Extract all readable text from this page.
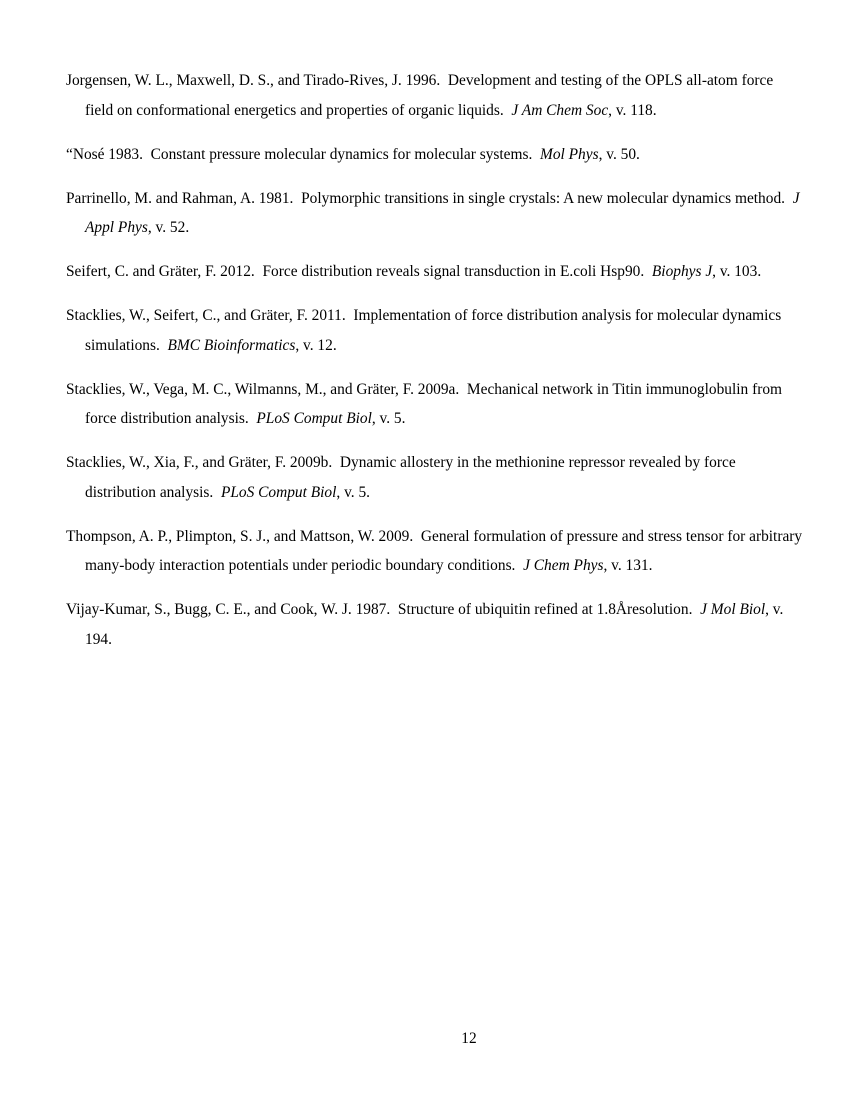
Jorgensen, W. L., Maxwell, D. S., and Tirado-Rives, J. 1996.  Development and testing of the OPLS all-atom force field on conformational energetics and properties of organic liquids.  J Am Chem Soc, v. 118.

“Nosé 1983.  Constant pressure molecular dynamics for molecular systems.  Mol Phys, v. 50.

Parrinello, M. and Rahman, A. 1981.  Polymorphic transitions in single crystals: A new molecular dynamics method.  J Appl Phys, v. 52.

Seifert, C. and Gräter, F. 2012.  Force distribution reveals signal transduction in E.coli Hsp90.  Biophys J, v. 103.

Stacklies, W., Seifert, C., and Gräter, F. 2011.  Implementation of force distribution analysis for molecular dynamics simulations.  BMC Bioinformatics, v. 12.

Stacklies, W., Vega, M. C., Wilmanns, M., and Gräter, F. 2009a.  Mechanical network in Titin immunoglobulin from force distribution analysis.  PLoS Comput Biol, v. 5.

Stacklies, W., Xia, F., and Gräter, F. 2009b.  Dynamic allostery in the methionine repressor revealed by force distribution analysis.  PLoS Comput Biol, v. 5.

Thompson, A. P., Plimpton, S. J., and Mattson, W. 2009.  General formulation of pressure and stress tensor for arbitrary many-body interaction potentials under periodic boundary conditions.  J Chem Phys, v. 131.

Vijay-Kumar, S., Bugg, C. E., and Cook, W. J. 1987.  Structure of ubiquitin refined at 1.8Åresolution.  J Mol Biol, v. 194.

12
